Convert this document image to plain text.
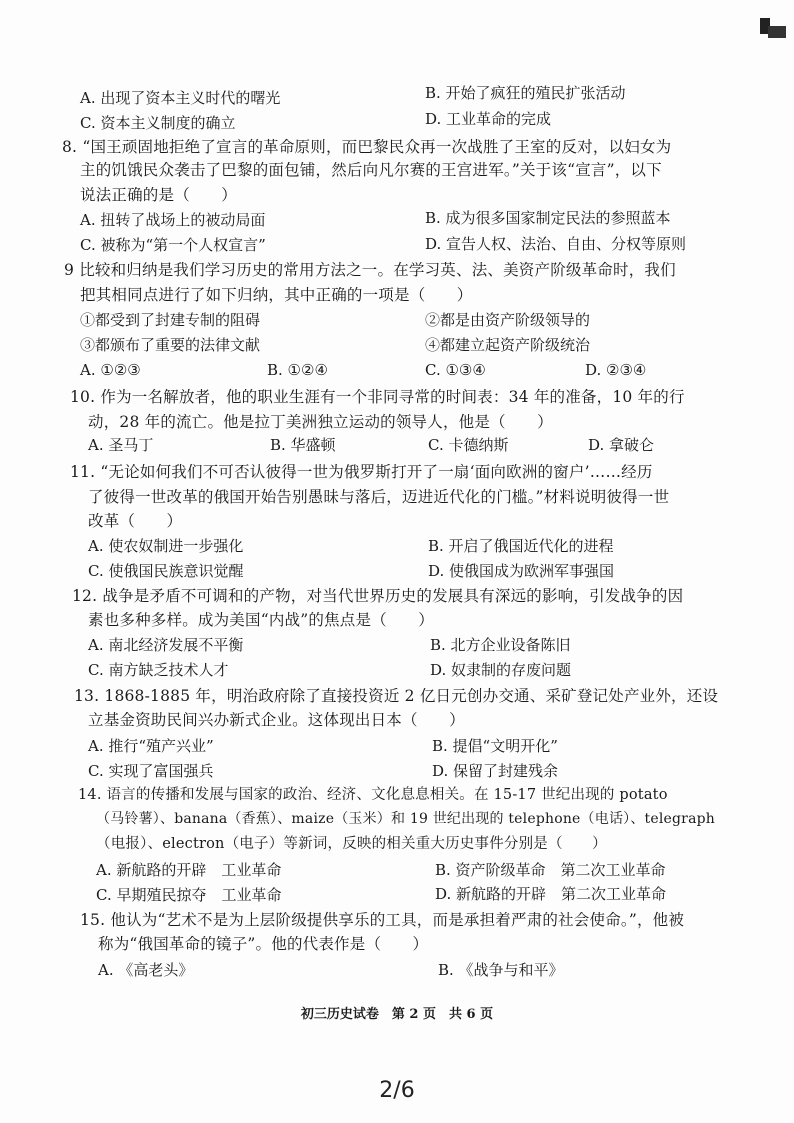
A. 出现了资本主义时代的曙光	B. 开始了疯狂的殖民扩张活动
C. 资本主义制度的确立	D. 工业革命的完成
8. “国王顽固地拒绝了宣言的革命原则，而巴黎民众再一次战胜了王室的反对，以妇女为
主的饥饿民众袭击了巴黎的面包铺，然后向凡尔赛的王宫进军。”关于该“宣言”，以下
说法正确的是（　　）
A. 扭转了战场上的被动局面	B. 成为很多国家制定民法的参照蓝本
C. 被称为“第一个人权宣言”	D. 宣告人权、法治、自由、分权等原则
9 比较和归纳是我们学习历史的常用方法之一。在学习英、法、美资产阶级革命时，我们
把其相同点进行了如下归纳，其中正确的一项是（　　）
①都受到了封建专制的阻碍	②都是由资产阶级领导的
③都颁布了重要的法律文献	④都建立起资产阶级统治
A. ①②③	B. ①②④	C. ①③④	D. ②③④
10. 作为一名解放者，他的职业生涯有一个非同寻常的时间表：34 年的准备，10 年的行
动，28 年的流亡。他是拉丁美洲独立运动的领导人，他是（　　）
A. 圣马丁	B. 华盛顿	C. 卡德纳斯	D. 拿破仑
11. “无论如何我们不可否认彼得一世为俄罗斯打开了一扇‘面向欧洲的窗户’……经历
了彼得一世改革的俄国开始告别愚昧与落后，迈进近代化的门槛。”材料说明彼得一世
改革（　　）
A. 使农奴制进一步强化	B. 开启了俄国近代化的进程
C. 使俄国民族意识觉醒	D. 使俄国成为欧洲军事强国
12. 战争是矛盾不可调和的产物，对当代世界历史的发展具有深远的影响，引发战争的因
素也多种多样。成为美国“内战”的焦点是（　　）
A. 南北经济发展不平衡	B. 北方企业设备陈旧
C. 南方缺乏技术人才	D. 奴隶制的存废问题
13. 1868-1885 年，明治政府除了直接投资近 2 亿日元创办交通、采矿登记处产业外，还设
立基金资助民间兴办新式企业。这体现出日本（　　）
A. 推行“殖产兴业”	B. 提倡“文明开化”
C. 实现了富国强兵	D. 保留了封建残余
14. 语言的传播和发展与国家的政治、经济、文化息息相关。在 15-17 世纪出现的 potato
（马铃薯）、banana（香蕉）、maize（玉米）和 19 世纪出现的 telephone（电话）、telegraph
（电报）、electron（电子）等新词，反映的相关重大历史事件分别是（　　）
A. 新航路的开辟　工业革命	B. 资产阶级革命　第二次工业革命
C. 早期殖民掠夺　工业革命	D. 新航路的开辟　第二次工业革命
15. 他认为“艺术不是为上层阶级提供享乐的工具，而是承担着严肃的社会使命。”，他被
称为“俄国革命的镜子”。他的代表作是（　　）
A. 《高老头》	B. 《战争与和平》
初三历史试卷　第 2 页　共 6 页
2/6
